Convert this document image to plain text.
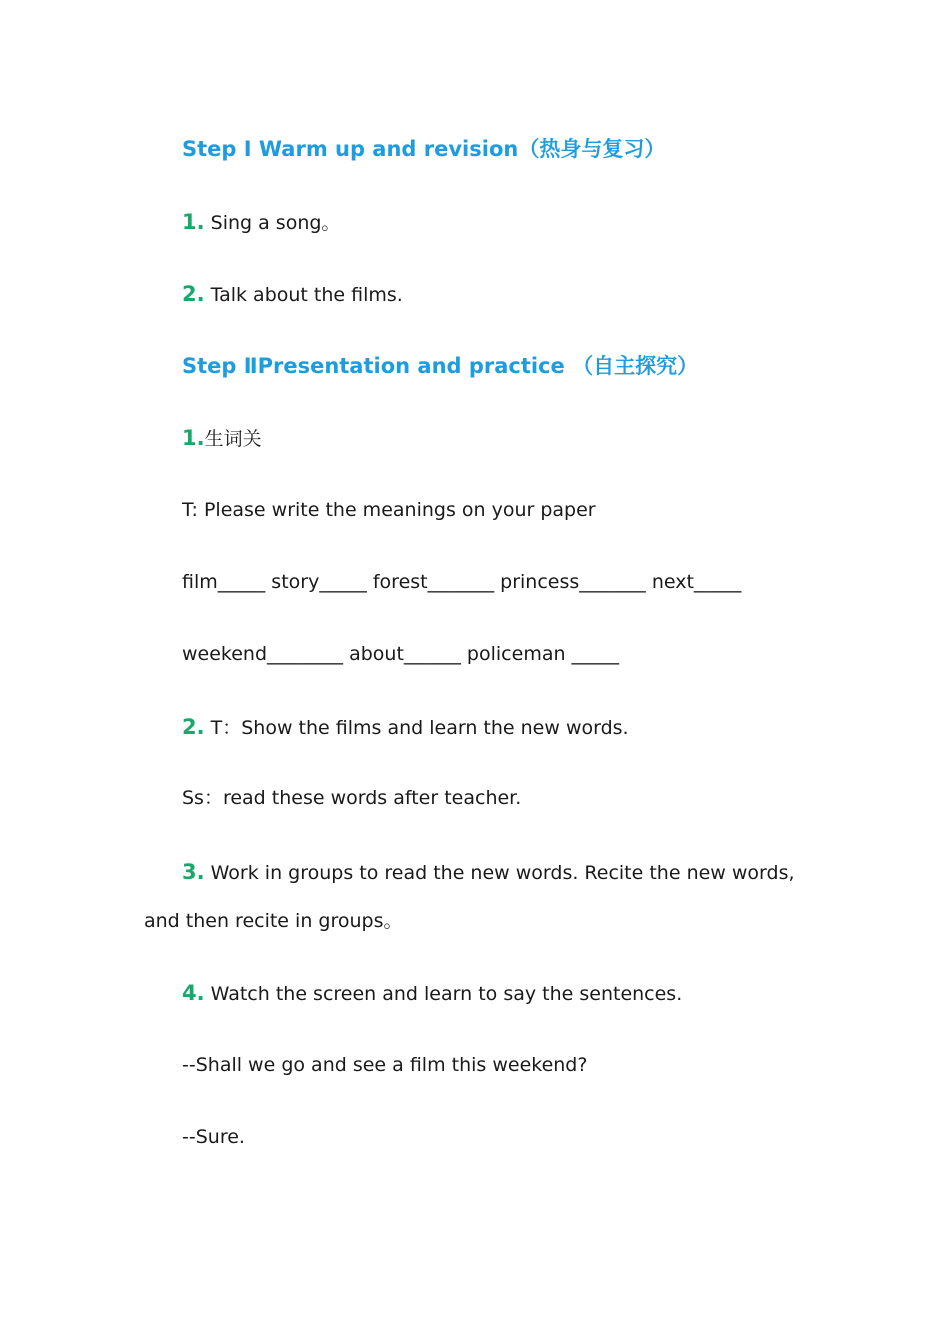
Step I Warm up and revision（热身与复习）
1. Sing a song。
2. Talk about the films.
Step ⅡPresentation and practice （自主探究）
1.生词关
T: Please write the meanings on your paper
film_____ story_____ forest_______ princess_______ next_____
weekend________ about______ policeman _____
2. T：Show the films and learn the new words.
Ss：read these words after teacher.
3. Work in groups to read the new words. Recite the new words,
and then recite in groups。
4. Watch the screen and learn to say the sentences.
--Shall we go and see a film this weekend?
--Sure.
